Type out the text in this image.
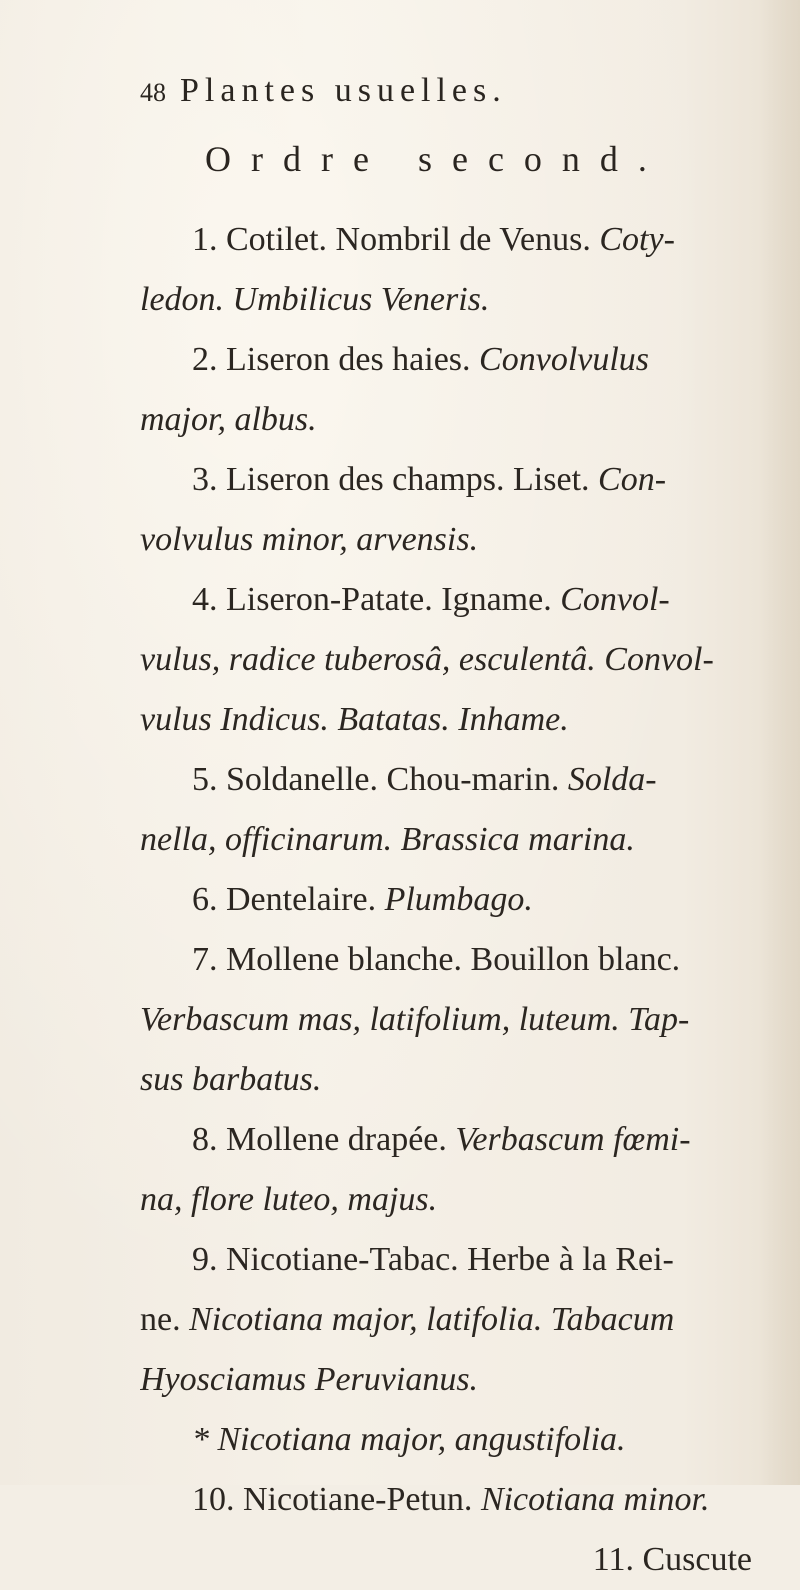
48 Plantes usuelles.
Ordre second.
1. Cotilet. Nombril de Venus. Coty-
ledon. Umbilicus Veneris.
2. Liseron des haies. Convolvulus
major, albus.
3. Liseron des champs. Liset. Con-
volvulus minor, arvensis.
4. Liseron-Patate. Igname. Convol-
vulus, radice tuberosâ, esculentâ. Convol-
vulus Indicus. Batatas. Inhame.
5. Soldanelle. Chou-marin. Solda-
nella, officinarum. Brassica marina.
6. Dentelaire. Plumbago.
7. Mollene blanche. Bouillon blanc.
Verbascum mas, latifolium, luteum. Tap-
sus barbatus.
8. Mollene drapée. Verbascum fœmi-
na, flore luteo, majus.
9. Nicotiane-Tabac. Herbe à la Rei-
ne. Nicotiana major, latifolia. Tabacum
Hyosciamus Peruvianus.
* Nicotiana major, angustifolia.
10. Nicotiane-Petun. Nicotiana minor.
11. Cuscute
